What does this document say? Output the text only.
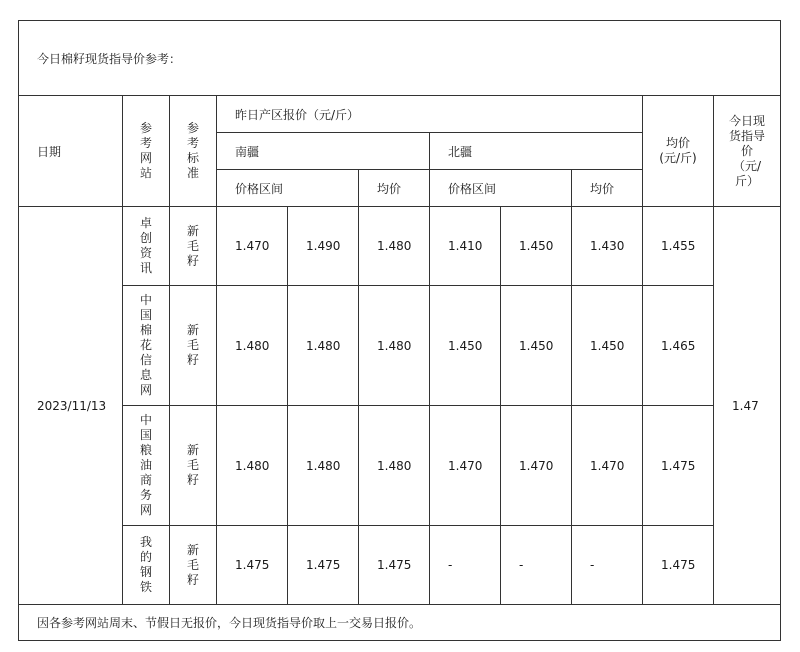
今日棉籽现货指导价参考：										
日期	参考网站	参考标准	昨日产区报价（元/斤）						均价(元/斤)	今日现货指导价（元/斤）
			南疆			北疆				
			价格区间		均价	价格区间		均价		
2023/11/13	卓创资讯	新毛籽	1.470	1.490	1.480	1.410	1.450	1.430	1.455	1.47
	中国棉花信息网	新毛籽	1.480	1.480	1.480	1.450	1.450	1.450	1.465	
	中国粮油商务网	新毛籽	1.480	1.480	1.480	1.470	1.470	1.470	1.475	
	我的钢铁	新毛籽	1.475	1.475	1.475	-	-	-	1.475	
因各参考网站周末、节假日无报价，今日现货指导价取上一交易日报价。										
